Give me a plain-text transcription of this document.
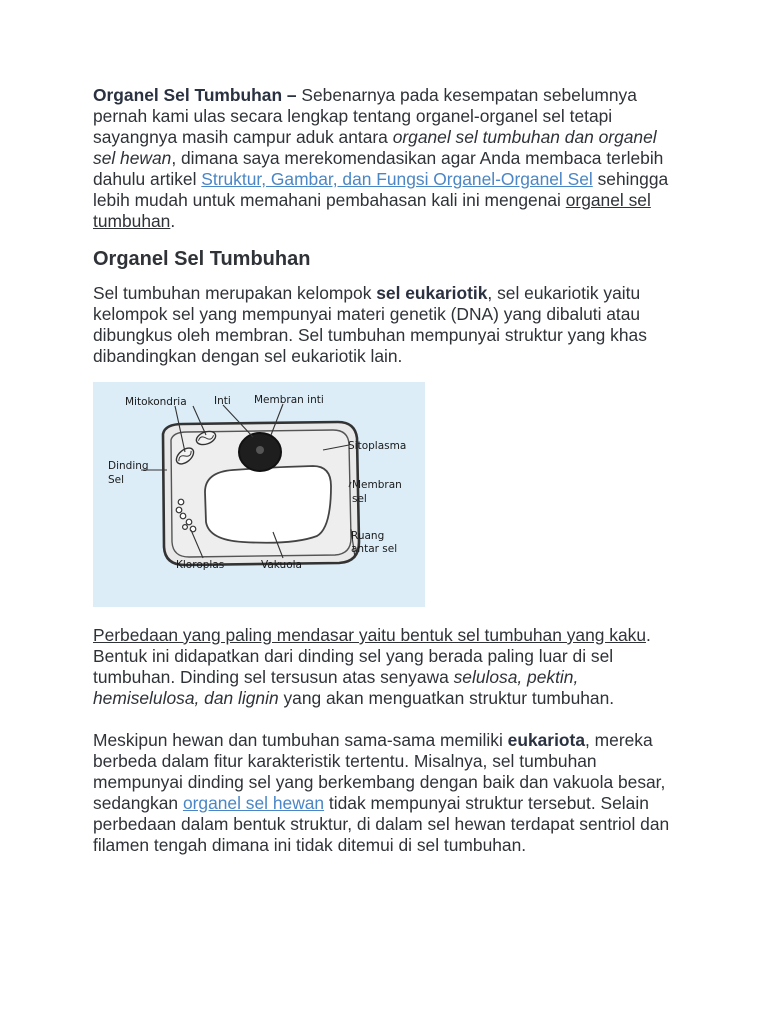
Organel Sel Tumbuhan – Sebenarnya pada kesempatan sebelumnya pernah kami ulas secara lengkap tentang organel-organel sel tetapi sayangnya masih campur aduk antara organel sel tumbuhan dan organel sel hewan, dimana saya merekomendasikan agar Anda membaca terlebih dahulu artikel Struktur, Gambar, dan Fungsi Organel-Organel Sel sehingga lebih mudah untuk memahani pembahasan kali ini mengenai organel sel tumbuhan.

Organel Sel Tumbuhan

Sel tumbuhan merupakan kelompok sel eukariotik, sel eukariotik yaitu kelompok sel yang mempunyai materi genetik (DNA) yang dibaluti atau dibungkus oleh membran. Sel tumbuhan mempunyai struktur yang khas dibandingkan dengan sel eukariotik lain.

Mitokondria	Inti Membran inti
Sitoplasma
Dinding
Sel	Membran
sel
Ruang
antar sel
Kloroplas	Vakuola

Perbedaan yang paling mendasar yaitu bentuk sel tumbuhan yang kaku. Bentuk ini didapatkan dari dinding sel yang berada paling luar di sel tumbuhan. Dinding sel tersusun atas senyawa selulosa, pektin, hemiselulosa, dan lignin yang akan menguatkan struktur tumbuhan.

Meskipun hewan dan tumbuhan sama-sama memiliki eukariota, mereka berbeda dalam fitur karakteristik tertentu. Misalnya, sel tumbuhan mempunyai dinding sel yang berkembang dengan baik dan vakuola besar, sedangkan organel sel hewan tidak mempunyai struktur tersebut. Selain perbedaan dalam bentuk struktur, di dalam sel hewan terdapat sentriol dan filamen tengah dimana ini tidak ditemui di sel tumbuhan.
